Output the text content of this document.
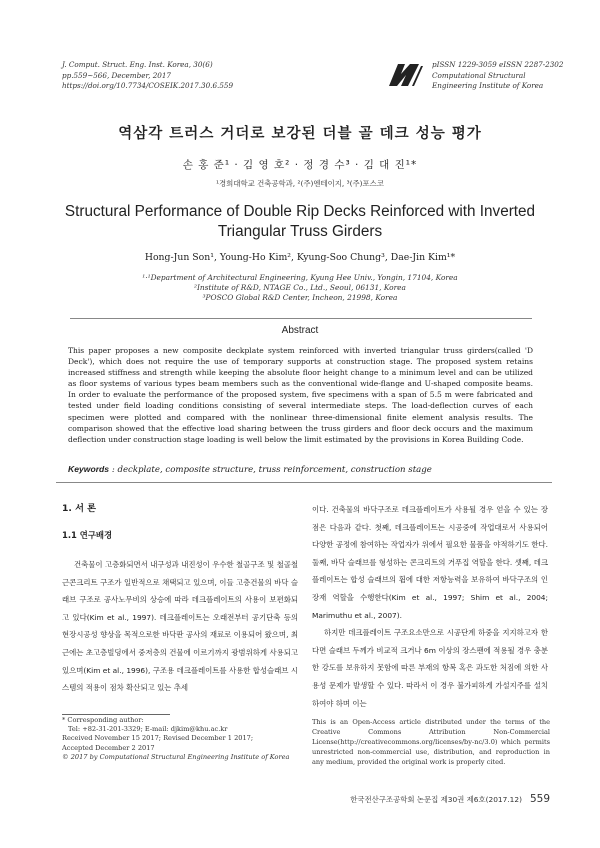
J. Comput. Struct. Eng. Inst. Korea, 30(6)
pp.559~566, December, 2017
https://doi.org/10.7734/COSEIK.2017.30.6.559
pISSN 1229-3059 eISSN 2287-2302
Computational Structural
Engineering Institute of Korea
역삼각 트러스 거더로 보강된 더블 골 데크 성능 평가
손 홍 준¹ · 김 영 호² · 정 경 수³ · 김 대 진¹*
¹경희대학교 건축공학과, ²(주)엔테이지, ³(주)포스코
Structural Performance of Double Rip Decks Reinforced with Inverted Triangular Truss Girders
Hong-Jun Son¹, Young-Ho Kim², Kyung-Soo Chung³, Dae-Jin Kim¹*
¹·¹Department of Architectural Engineering, Kyung Hee Univ., Yongin, 17104, Korea
²Institute of R&D, NTAGE Co., Ltd., Seoul, 06131, Korea
³POSCO Global R&D Center, Incheon, 21998, Korea
Abstract
This paper proposes a new composite deckplate system reinforced with inverted triangular truss girders(called 'D Deck'), which does not require the use of temporary supports at construction stage. The proposed system retains increased stiffness and strength while keeping the absolute floor height change to a minimum level and can be utilized as floor systems of various types beam members such as the conventional wide-flange and U-shaped composite beams. In order to evaluate the performance of the proposed system, five specimens with a span of 5.5 m were fabricated and tested under field loading conditions consisting of several intermediate steps. The load-deflection curves of each specimen were plotted and compared with the nonlinear three-dimensional finite element analysis results. The comparison showed that the effective load sharing between the truss girders and floor deck occurs and the maximum deflection under construction stage loading is well below the limit estimated by the provisions in Korea Building Code.
Keywords : deckplate, composite structure, truss reinforcement, construction stage
1. 서 론
1.1 연구배경
건축물이 고층화되면서 내구성과 내진성이 우수한 철골구조 및 철골철근콘크리트 구조가 일반적으로 채택되고 있으며, 이들 고층건물의 바닥 슬래브 구조로 공사노무비의 상승에 따라 데크플레이트의 사용이 보편화되고 있다(Kim et al., 1997). 데크플레이트는 오래전부터 공기단축 등의 현장시공성 향상을 목적으로한 바닥판 공사의 재료로 이용되어 왔으며, 최근에는 초고층빌딩에서 중저층의 건물에 이르기까지 광범위하게 사용되고 있으며(Kim et al., 1996), 구조용 데크플레이트를 사용한 합성슬래브 시스템의 적용이 점차 확산되고 있는 추세
이다. 건축물의 바닥구조로 데크플레이트가 사용될 경우 얻을 수 있는 장점은 다음과 같다. 첫째, 데크플레이트는 시공중에 작업대로서 사용되어 다양한 공정에 참여하는 작업자가 위에서 필요한 물품을 야적하기도 한다. 둘째, 바닥 슬래브를 형성하는 콘크리트의 거푸집 역할을 한다. 셋째, 데크플레이트는 합성 슬래브의 휨에 대한 저항능력을 보유하여 바닥구조의 인장재 역할을 수행한다(Kim et al., 1997; Shim et al., 2004; Marimuthu et al., 2007).
하지만 데크플레이트 구조요소만으로 시공단계 하중을 지지하고자 한다면 슬래브 두께가 비교적 크거나 6m 이상의 장스팬에 적용될 경우 충분한 강도를 보유하지 못함에 따른 부재의 항복 혹은 과도한 처짐에 의한 사용성 문제가 발생할 수 있다. 따라서 이 경우 불가피하게 가설지주를 설치하여야 하며 이는
* Corresponding author:
Tel: +82-31-201-3329; E-mail: djkim@khu.ac.kr
Received November 15 2017; Revised December 1 2017;
Accepted December 2 2017
© 2017 by Computational Structural Engineering Institute of Korea
This is an Open-Access article distributed under the terms of the Creative Commons Attribution Non-Commercial License(http://creativecommons.org/licenses/by-nc/3.0) which permits unrestricted non-commercial use, distribution, and reproduction in any medium, provided the original work is properly cited.
한국전산구조공학회 논문집 제30권 제6호(2017.12) 559
